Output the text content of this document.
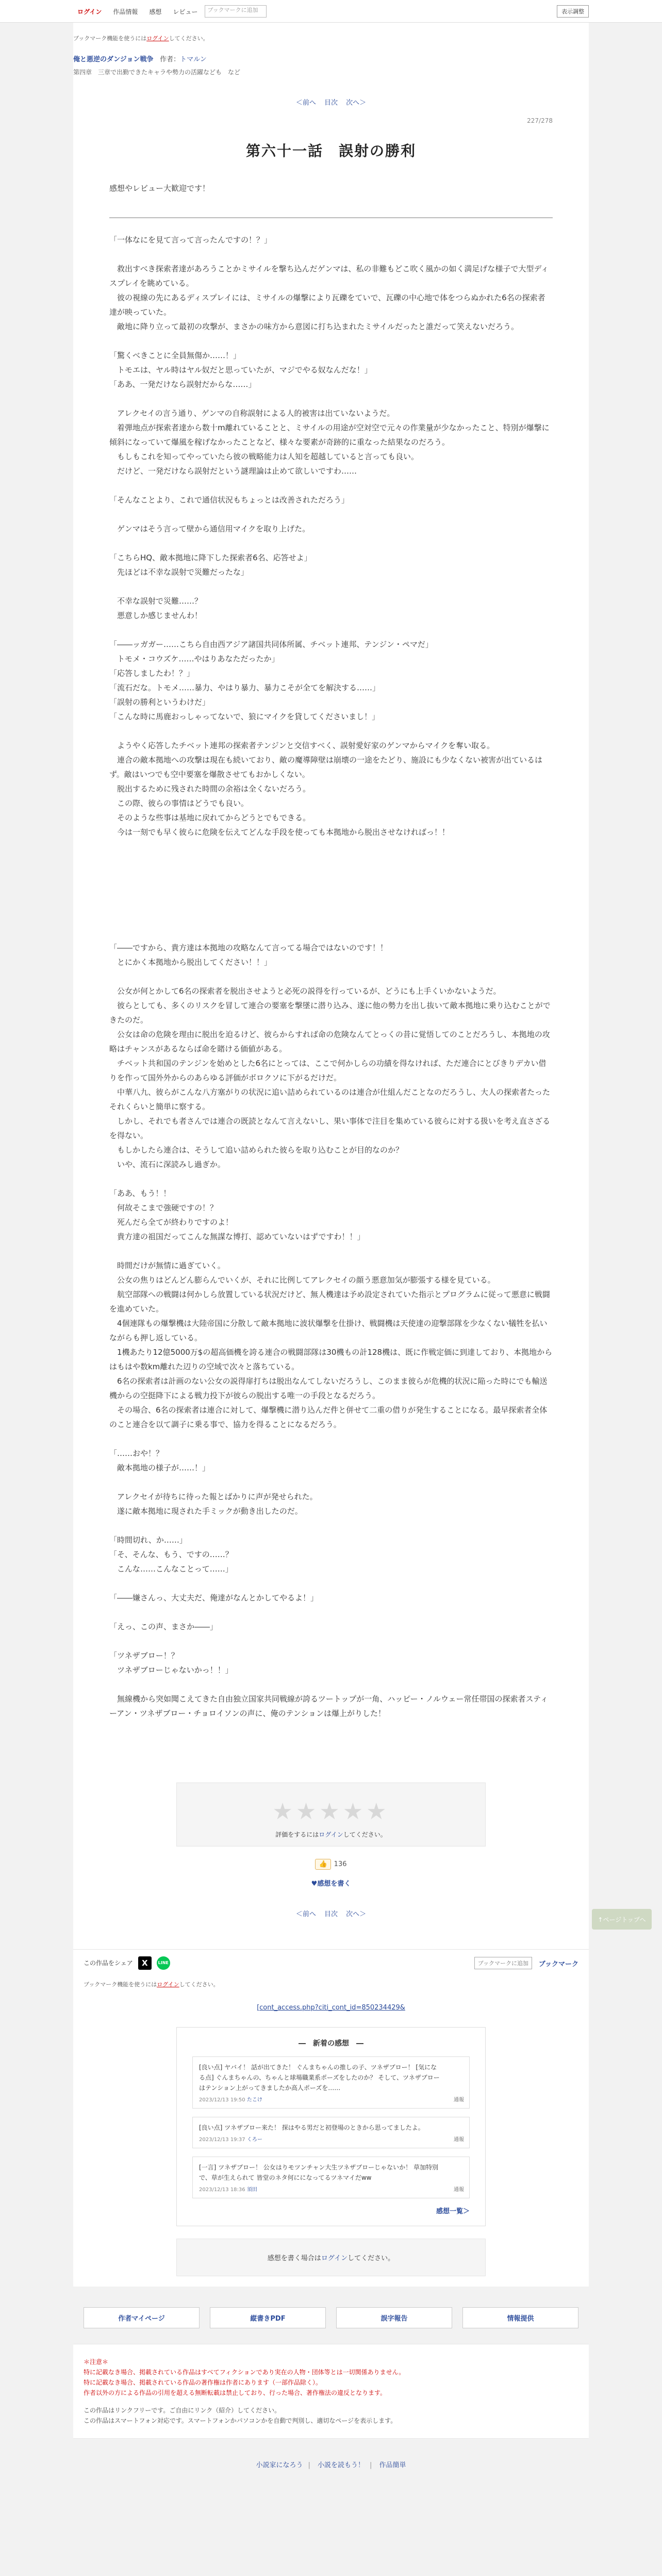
ログイン	作品情報	感想	レビュー	ブックマークに追加	表示調整
ブックマーク機能を使うにはログインしてください。
俺と悪逆のダンジョン戦争 作者：トマルン
第四章　三章で出勤できたキャラや勢力の活躍なども　など
＜前へ 目次 次へ＞
227/278
第六十一話　誤射の勝利
感想やレビュー大歓迎です！

「一体なにを見て言って言ったんですの！？」

　救出すべき探索者達があろうことかミサイルを撃ち込んだゲンマは、私の非難もどこ吹く風かの如く満足げな様子で大型ディスプレイを眺めている。

　彼の視線の先にあるディスプレイには、ミサイルの爆撃により瓦礫をていで、瓦礫の中心地で体をつらぬかれた6名の探索者達が映っていた。

　敵地に降り立って最初の攻撃が、まさかの味方から意図に打ち込まれたミサイルだったと誰だって笑えないだろう。

「驚くべきことに全員無傷か……！」

　トモエは、ヤル時はヤル奴だと思っていたが、マジでやる奴なんだな！」

「ああ、一発だけなら誤射だからな……」

　アレクセイの言う通り、ゲンマの自称誤射による人的被害は出ていないようだ。

　着弾地点が探索者達から数十m離れていることと、ミサイルの用途が空対空で元々の作業量が少なかったこと、特別が爆撃に傾斜になっていて爆風を稼げなかったことなど、様々な要素が奇跡的に重なった結果なのだろう。

　もしもこれを知ってやっていたら彼の戦略能力は人知を超越していると言っても良い。

　だけど、一発だけなら誤射だという謎理論は止めて欲しいですわ……

「そんなことより、これで通信状況もちょっとは改善されただろう」

　ゲンマはそう言って壁から通信用マイクを取り上げた。

「こちらHQ、敵本拠地に降下した探索者6名、応答せよ」

　先ほどは不幸な誤射で災難だったな」

　不幸な誤射で災難……？

　悪意しか感じませんわ！

「――ッガガー……こちら自由西アジア諸国共同体所属、チベット連邦、テンジン・ペマだ」

　トモメ・コウズケ……やはりあなただったか」

「応答しましたわ！？」

「流石だな。トモメ……暴力、やはり暴力、暴力こそが全てを解決する……」

「誤射の勝利というわけだ」

「こんな時に馬鹿おっしゃってないで、狼にマイクを貸してくださいまし！」

　ようやく応答したチベット連邦の探索者テンジンと交信すべく、誤射愛好家のゲンマからマイクを奪い取る。

　連合の敵本拠地への攻撃は現在も続いており、敵の魔導障壁は崩壊の一途をたどり、施設にも少なくない被害が出ているはず。敵はいつでも空中要塞を爆散させてもおかしくない。

　脱出するために残された時間の余裕は全くないだろう。

　この際、彼らの事情はどうでも良い。

　そのような些事は基地に戻れてからどうとでもできる。

　今は一刻でも早く彼らに危険を伝えてどんな手段を使っても本拠地から脱出させなければっ！！

「――ですから、貴方達は本拠地の攻略なんて言ってる場合ではないのです！！

　とにかく本拠地から脱出してください！！」

　公女が何とかして6名の探索者を脱出させようと必死の説得を行っているが、どうにも上手くいかないようだ。

　彼らとしても、多くのリスクを冒して連合の要塞を撃墜に潜り込み、遂に他の勢力を出し抜いて敵本拠地に乗り込むことができたのだ。

　公女は命の危険を理由に脱出を迫るけど、彼らからすれば命の危険なんてとっくの昔に覚悟してのことだろうし、本拠地の攻略はチャンスがあるならば命を賭ける価値がある。

　チベット共和国のテンジンを始めとした6名にとっては、ここで何かしらの功績を得なければ、ただ連合にとびきりデカい借りを作って国外外からのあらゆる評価がボロクソに下がるだけだ。

　中華八九、彼らがこんな八方塞がりの状況に追い詰められているのは連合が仕組んだことなのだろうし、大人の探索者たったそれくらいと簡単に察する。

　しかし、それでも者さんでは連合の既読となんて言えないし、果い事体で注目を集めている彼らに対する扱いを考え直さざるを得ない。

　もしかしたら連合は、そうして追い詰められた彼らを取り込むことが目的なのか？

　いや、流石に深読みし過ぎか。

「ああ、もう！！

　何故そこまで強硬ですの！？

　死んだら全てが終わりですのよ！

　貴方達の祖国だってこんな無謀な博打、認めていないはずですわ！！」

　時間だけが無情に過ぎていく。

　公女の焦りはどんどん膨らんでいくが、それに比例してアレクセイの顔う悪意加気が膨張する様を見ている。

　航空部隊への戦闘は何かしら放置している状況だけど、無人機達は予め設定されていた指示とプログラムに従って悪意に戦闘を進めていた。

　4個連隊もの爆撃機は大陸帝国に分散して敵本拠地に波状爆撃を仕掛け、戦闘機は天使達の迎撃部隊を少なくない犠牲を払いながらも押し返している。

　1機あたり12億5000万$の超高価機を誇る連合の戦闘部隊は30機もの計128機は、既に作戦定価に到達しており、本拠地からはもはや数km離れた辺りの空域で次々と落ちている。

　6名の探索者は計画のない公女の説得扉打ちは脱出なんてしないだろうし、このまま彼らが危機的状況に陥った時にでも輸送機からの空挺降下による戦力投下が彼らの脱出する唯一の手段となるだろう。

　その場合、6名の探索者は連合に対して、爆撃機に潜り込んだ件と併せて二重の借りが発生することになる。最早探索者全体のこと連合を以て調子に乗る事で、協力を得ることになるだろう。

「……おや！？

　敵本拠地の様子が……！」

　アレクセイが待ちに待った報とばかりに声が発せられた。

　遂に敵本拠地に現された手ミックが動き出したのだ。

「時間切れ、か……」

「そ、そんな、もう、ですの……？

　こんな……こんなことって……」

「――嫌さんっ、大丈夫だ、俺達がなんとかしてやるよ！」

「えっ、この声、まさか――」

「ツネザブロー！？

　ツネザブローじゃないかっ！！」

　無線機から突如聞こえてきた自由独立国家共同戦線が誇るツートップが一角、ハッピー・ノルウェー常任帯国の探索者スティーアン・ツネザブロー・チョロイソンの声に、俺のテンションは爆上がりした！

★★★★★
評価をするにはログインしてください。
👍 136
♥感想を書く
＜前へ 目次 次へ＞
この作品をシェア	X	LINE	ブックマークに追加	ブックマーク
ブックマーク機能を使うにはログインしてください。
[cont_access.php?citi_cont_id=850234429&
―　新着の感想　―
[良い点] ヤバイ！ 話が出てきた！ ぐんまちゃんの推しの子、ツネザブロー！ [気になる点] ぐんまちゃんの、ちゃんと球場職業系ポーズをしたのか？ そして、ツネザブローはテンション上がってきましたか高人ポーズを……
2023/12/13 19:50 たこけ	通報
[良い点] ツネザブロー来た！ 探はやる男だと初登場のときから思ってましたよ。
2023/12/13 19:37 くろー	通報
[一言] ツネザブロー！ 公女はりモツンチャン大生ツネザブローじゃないか！ 草加特別で、草が生えられて 皆堂のネタ何にになってるツネマイだww
2023/12/13 18:36 須田	通報
感想一覧＞
感想を書く場合はログインしてください。
作者マイページ	縦書きPDF	誤字報告	情報提供
＊注意＊
特に記載なき場合、掲載されている作品はすべてフィクションであり実在の人物・団体等とは一切関係ありません。
特に記載なき場合、掲載されている作品の著作権は作者にあります（一部作品除く）。
作者以外の方による作品の引用を超える無断転載は禁止しており、行った場合、著作権法の違反となります。
この作品はリンクフリーです。ご自由にリンク（紹介）してください。
この作品はスマートフォン対応です。スマートフォンかパソコンかを自動で判別し、適切なページを表示します。
小説家になろう | 小説を読もう！ | 作品簡単
↑ページトップへ
